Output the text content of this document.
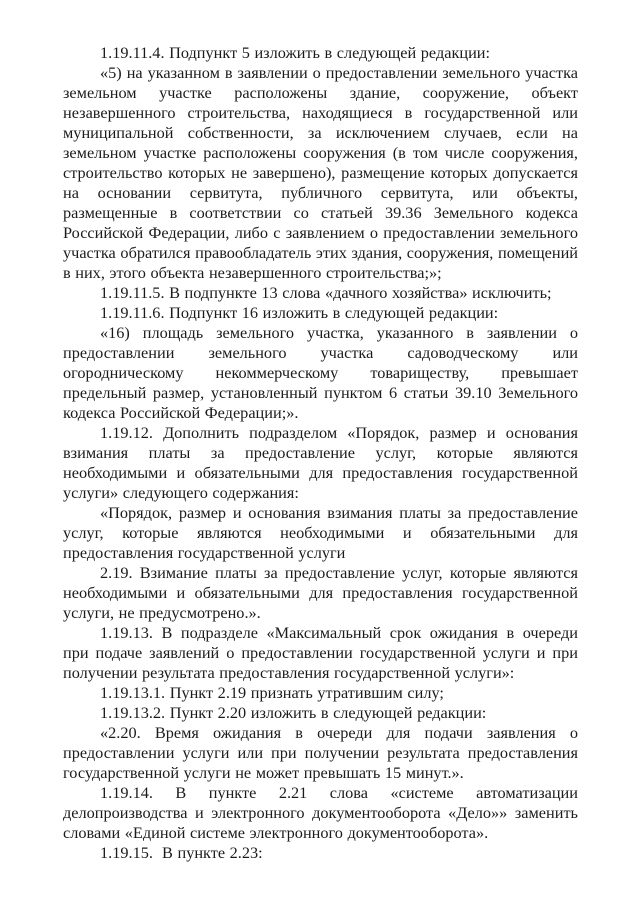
1.19.11.4. Подпункт 5 изложить в следующей редакции:

«5) на указанном в заявлении о предоставлении земельного участка земельном участке расположены здание, сооружение, объект незавершенного строительства, находящиеся в государственной или муниципальной собственности, за исключением случаев, если на земельном участке расположены сооружения (в том числе сооружения, строительство которых не завершено), размещение которых допускается на основании сервитута, публичного сервитута, или объекты, размещенные в соответствии со статьей 39.36 Земельного кодекса Российской Федерации, либо с заявлением о предоставлении земельного участка обратился правообладатель этих здания, сооружения, помещений в них, этого объекта незавершенного строительства;»;

1.19.11.5. В подпункте 13 слова «дачного хозяйства» исключить;

1.19.11.6. Подпункт 16 изложить в следующей редакции:

«16) площадь земельного участка, указанного в заявлении о предоставлении земельного участка садоводческому или огородническому некоммерческому товариществу, превышает предельный размер, установленный пунктом 6 статьи 39.10 Земельного кодекса Российской Федерации;».

1.19.12. Дополнить подразделом «Порядок, размер и основания взимания платы за предоставление услуг, которые являются необходимыми и обязательными для предоставления государственной услуги» следующего содержания:

«Порядок, размер и основания взимания платы за предоставление услуг, которые являются необходимыми и обязательными для предоставления государственной услуги

2.19. Взимание платы за предоставление услуг, которые являются необходимыми и обязательными для предоставления государственной услуги, не предусмотрено.».

1.19.13. В подразделе «Максимальный срок ожидания в очереди при подаче заявлений о предоставлении государственной услуги и при получении результата предоставления государственной услуги»:

1.19.13.1. Пункт 2.19 признать утратившим силу;

1.19.13.2. Пункт 2.20 изложить в следующей редакции:

«2.20. Время ожидания в очереди для подачи заявления о предоставлении услуги или при получении результата предоставления государственной услуги не может превышать 15 минут.».

1.19.14. В пункте 2.21 слова «системе автоматизации делопроизводства и электронного документооборота «Дело»» заменить словами «Единой системе электронного документооборота».

1.19.15.  В пункте 2.23:
